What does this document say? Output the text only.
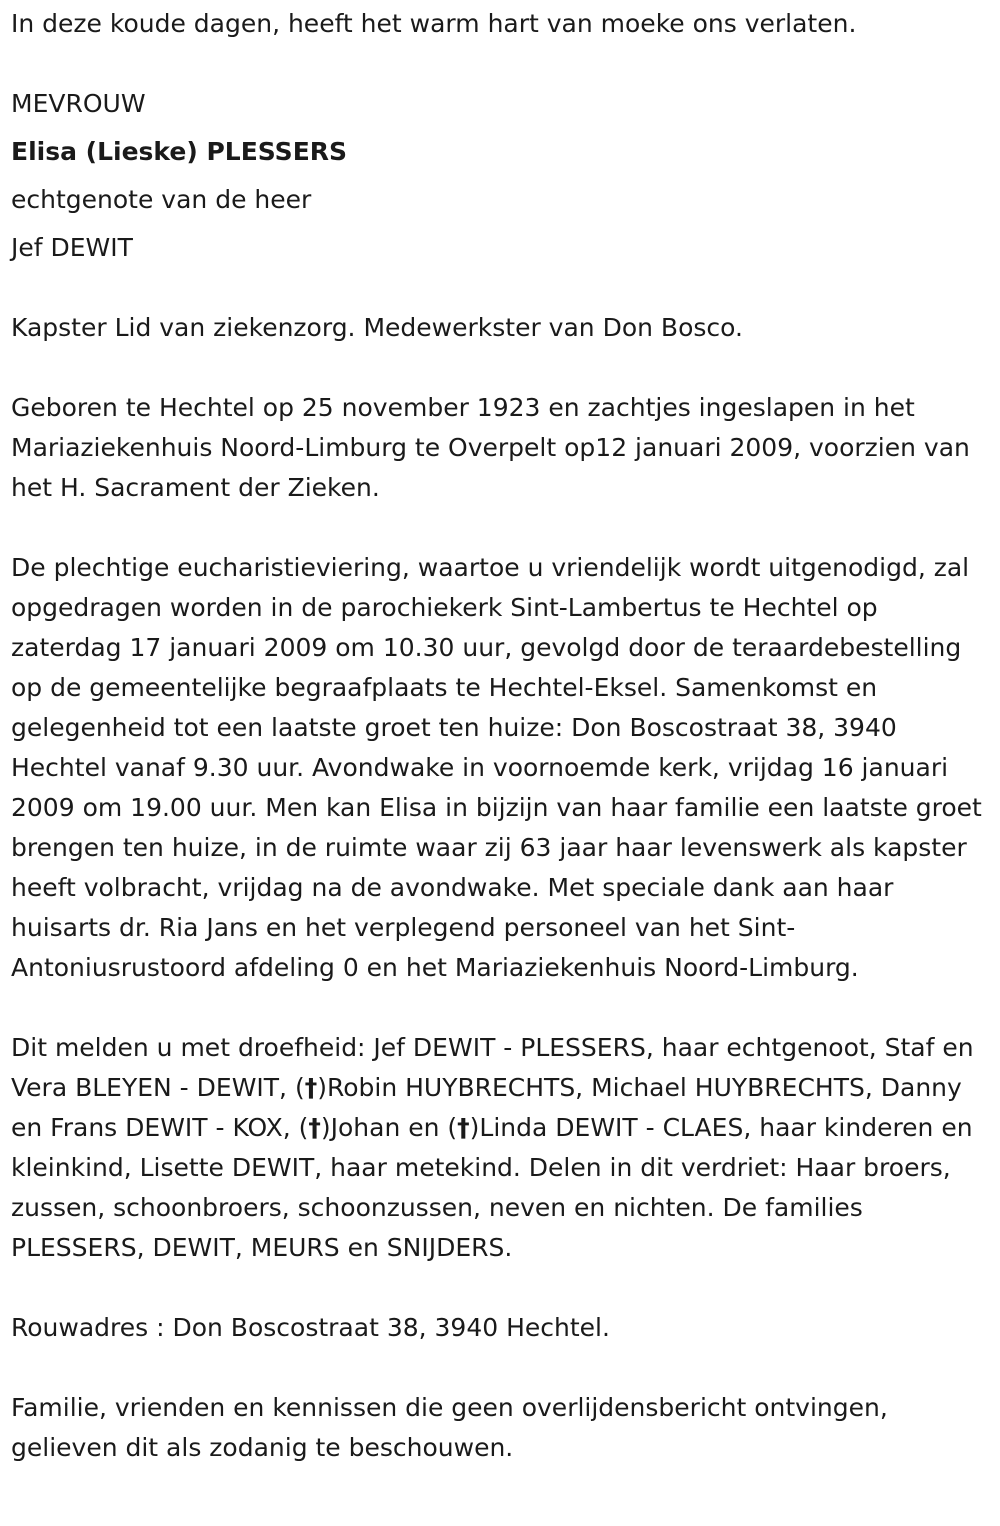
In deze koude dagen, heeft het warm hart van moeke ons verlaten.

MEVROUW

Elisa (Lieske) PLESSERS

echtgenote van de heer

Jef DEWIT

Kapster Lid van ziekenzorg. Medewerkster van Don Bosco.

Geboren te Hechtel op 25 november 1923 en zachtjes ingeslapen in het Mariaziekenhuis Noord-Limburg te Overpelt op12 januari 2009, voorzien van het H. Sacrament der Zieken.

De plechtige eucharistieviering, waartoe u vriendelijk wordt uitgenodigd, zal opgedragen worden in de parochiekerk Sint-Lambertus te Hechtel op zaterdag 17 januari 2009 om 10.30 uur, gevolgd door de teraardebestelling op de gemeentelijke begraafplaats te Hechtel-Eksel. Samenkomst en gelegenheid tot een laatste groet ten huize: Don Boscostraat 38, 3940 Hechtel vanaf 9.30 uur. Avondwake in voornoemde kerk, vrijdag 16 januari 2009 om 19.00 uur. Men kan Elisa in bijzijn van haar familie een laatste groet brengen ten huize, in de ruimte waar zij 63 jaar haar levenswerk als kapster heeft volbracht, vrijdag na de avondwake. Met speciale dank aan haar huisarts dr. Ria Jans en het verplegend personeel van het Sint-Antoniusrustoord afdeling 0 en het Mariaziekenhuis Noord-Limburg.

Dit melden u met droefheid: Jef DEWIT - PLESSERS, haar echtgenoot, Staf en Vera BLEYEN - DEWIT, (†)Robin HUYBRECHTS, Michael HUYBRECHTS, Danny en Frans DEWIT - KOX, (†)Johan en (†)Linda DEWIT - CLAES, haar kinderen en kleinkind, Lisette DEWIT, haar metekind. Delen in dit verdriet: Haar broers, zussen, schoonbroers, schoonzussen, neven en nichten. De families PLESSERS, DEWIT, MEURS en SNIJDERS.

Rouwadres : Don Boscostraat 38, 3940 Hechtel.

Familie, vrienden en kennissen die geen overlijdensbericht ontvingen, gelieven dit als zodanig te beschouwen.
